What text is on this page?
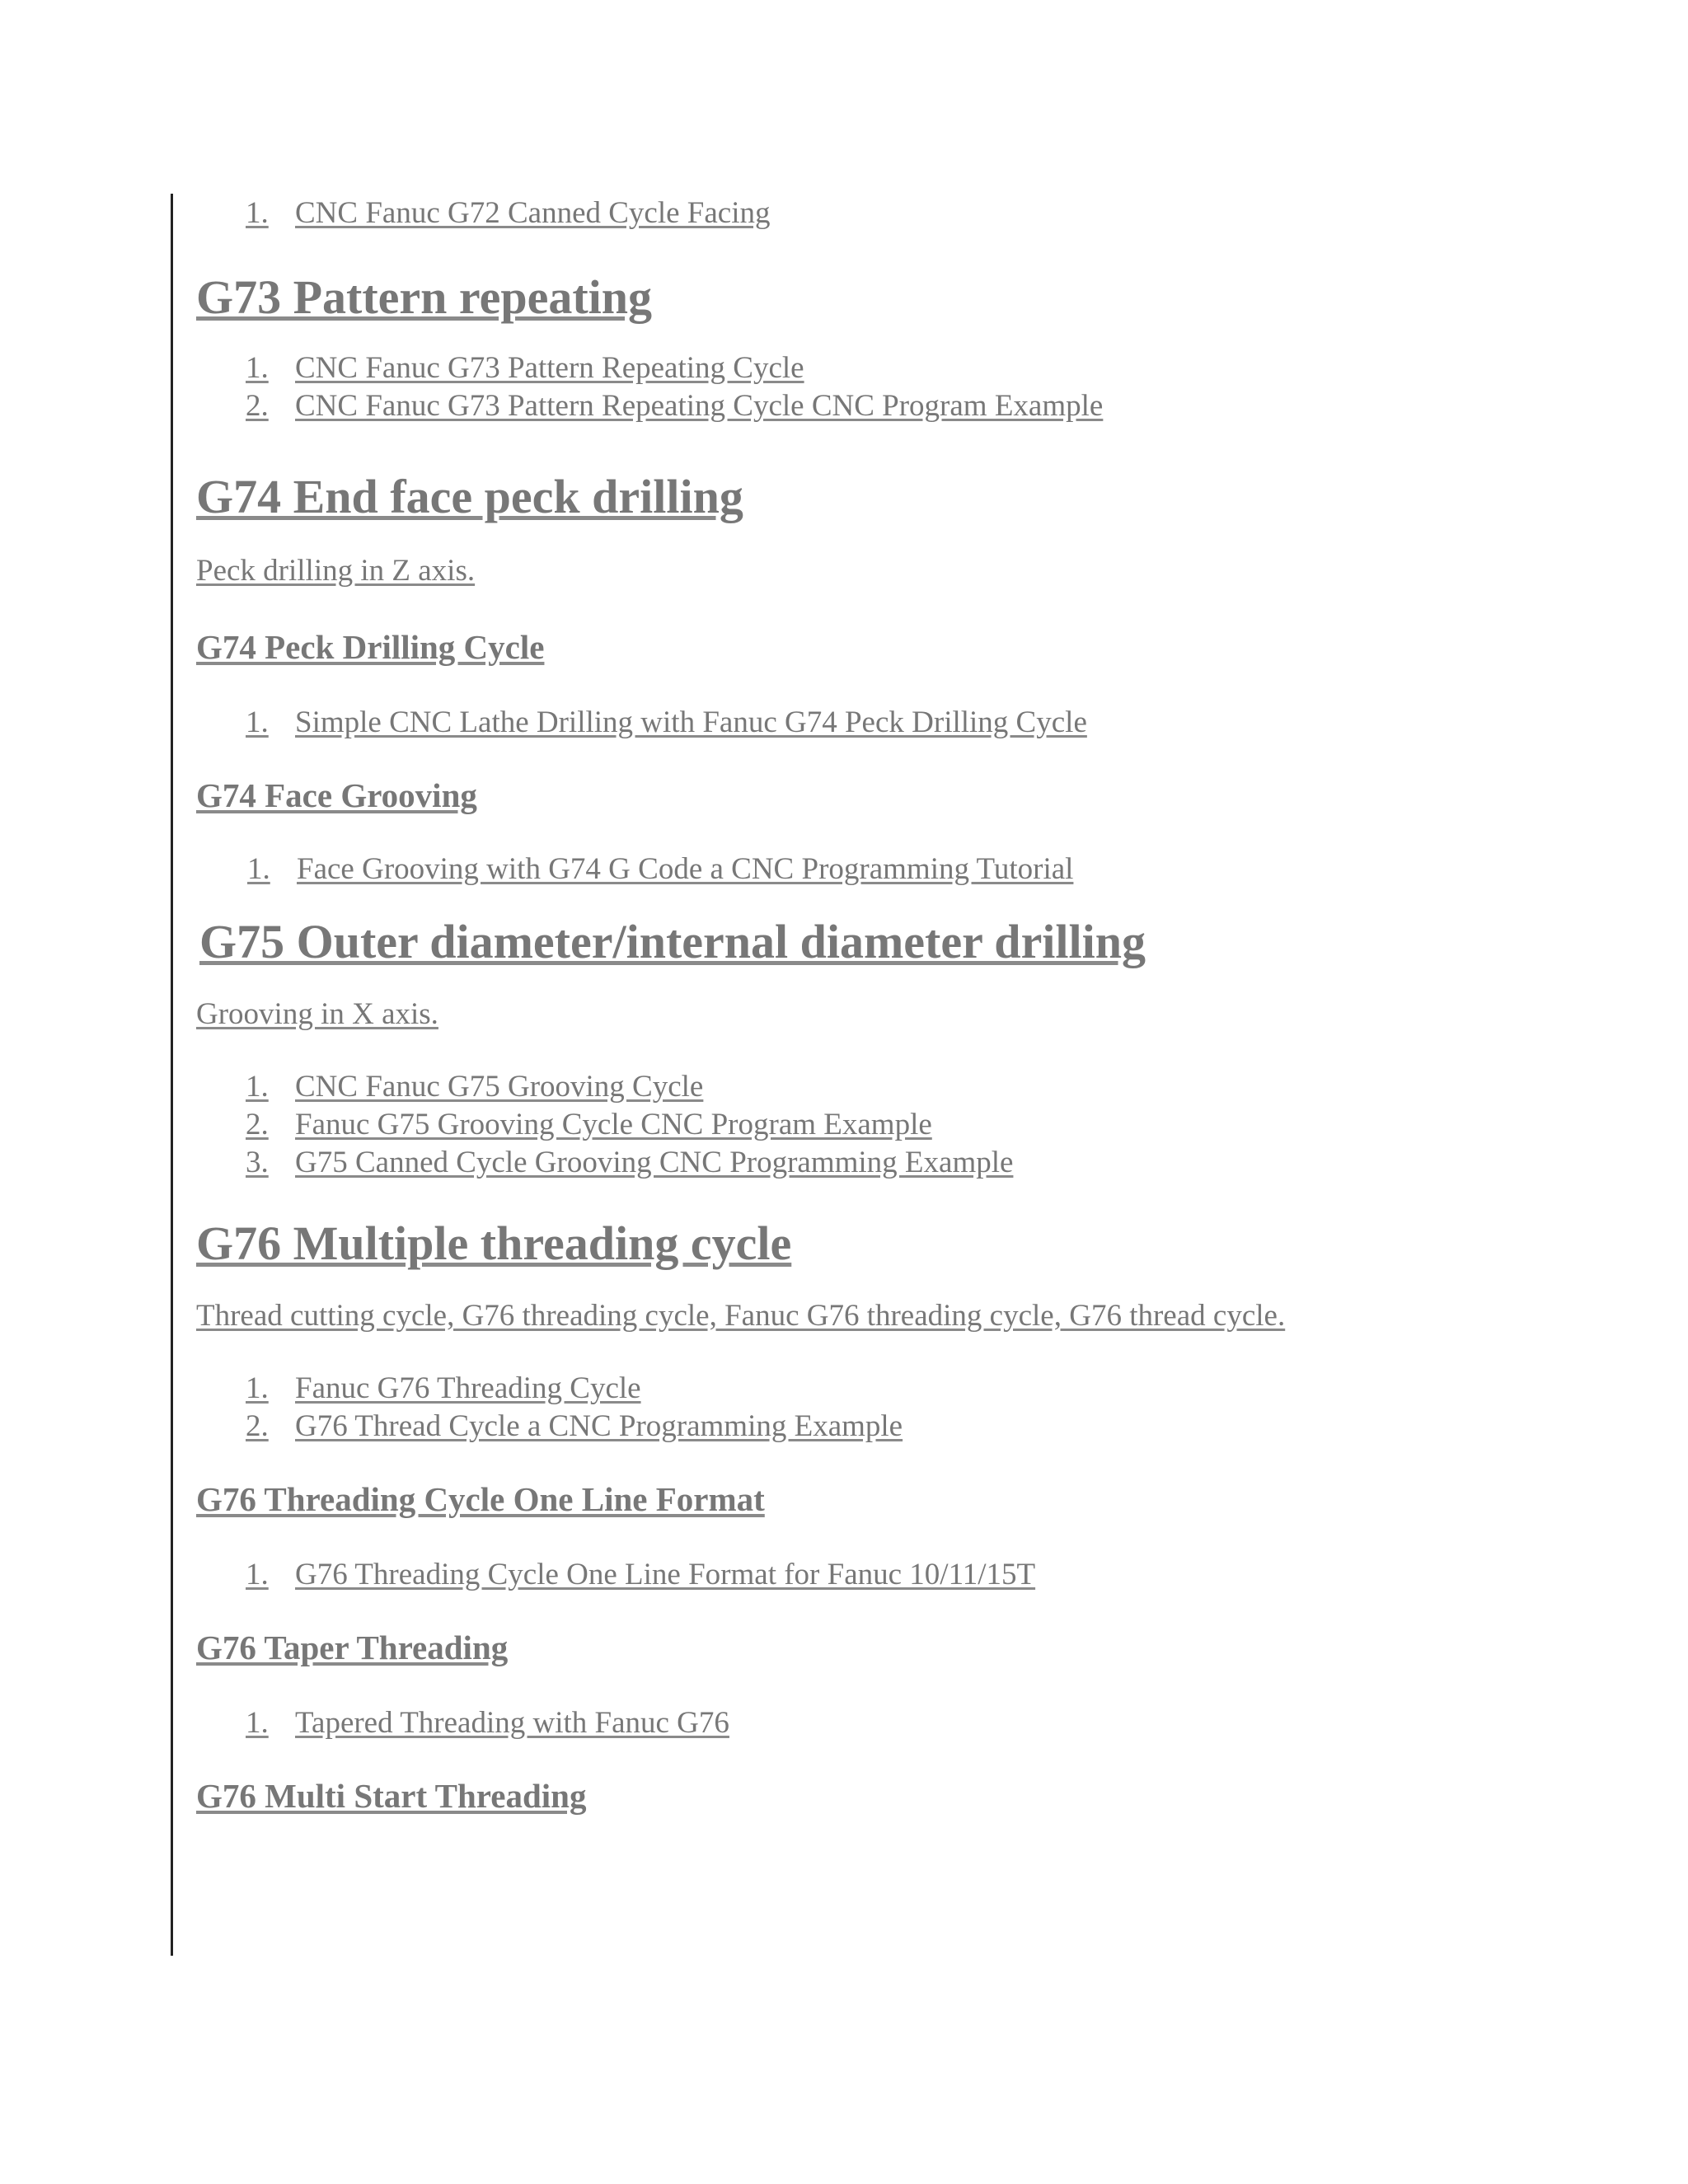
1. CNC Fanuc G72 Canned Cycle Facing
G73 Pattern repeating
1. CNC Fanuc G73 Pattern Repeating Cycle
2. CNC Fanuc G73 Pattern Repeating Cycle CNC Program Example
G74 End face peck drilling

Peck drilling in Z axis.

G74 Peck Drilling Cycle
1. Simple CNC Lathe Drilling with Fanuc G74 Peck Drilling Cycle
G74 Face Grooving
1. Face Grooving with G74 G Code a CNC Programming Tutorial
G75 Outer diameter/internal diameter drilling

Grooving in X axis.

1. CNC Fanuc G75 Grooving Cycle
2. Fanuc G75 Grooving Cycle CNC Program Example
3. G75 Canned Cycle Grooving CNC Programming Example
G76 Multiple threading cycle

Thread cutting cycle, G76 threading cycle, Fanuc G76 threading cycle, G76 thread cycle.

1. Fanuc G76 Threading Cycle
2. G76 Thread Cycle a CNC Programming Example
G76 Threading Cycle One Line Format
1. G76 Threading Cycle One Line Format for Fanuc 10/11/15T
G76 Taper Threading
1. Tapered Threading with Fanuc G76
G76 Multi Start Threading
